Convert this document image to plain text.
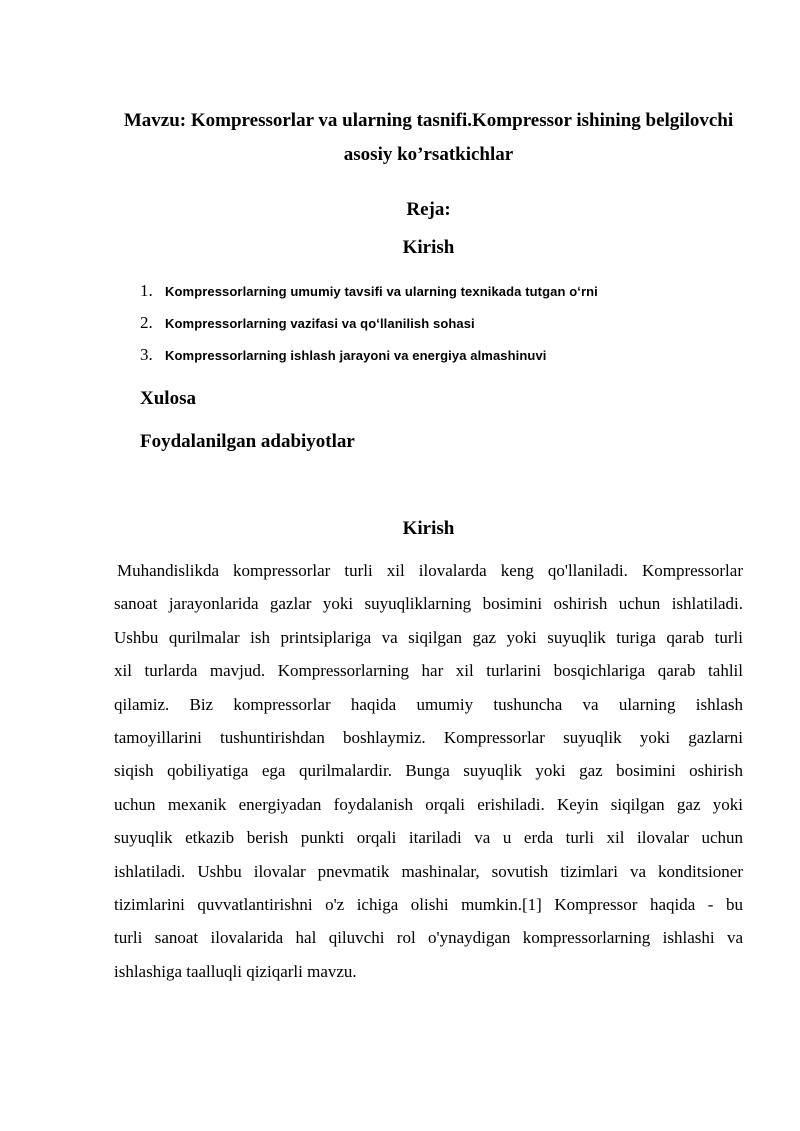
Mavzu: Kompressorlar va ularning tasnifi.Kompressor ishining belgilovchi
asosiy ko’rsatkichlar
Reja:
Kirish
1. Kompressorlarning umumiy tavsifi va ularning texnikada tutgan oʻrni
2. Kompressorlarning vazifasi va qoʻllanilish sohasi
3. Kompressorlarning ishlash jarayoni va energiya almashinuvi
Xulosa
Foydalanilgan adabiyotlar
Kirish
Muhandislikda kompressorlar turli xil ilovalarda keng qo'llaniladi. Kompressorlar
sanoat jarayonlarida gazlar yoki suyuqliklarning bosimini oshirish uchun ishlatiladi.
Ushbu qurilmalar ish printsiplariga va siqilgan gaz yoki suyuqlik turiga qarab turli
xil turlarda mavjud. Kompressorlarning har xil turlarini bosqichlariga qarab tahlil
qilamiz. Biz kompressorlar haqida umumiy tushuncha va ularning ishlash
tamoyillarini tushuntirishdan boshlaymiz. Kompressorlar suyuqlik yoki gazlarni
siqish qobiliyatiga ega qurilmalardir. Bunga suyuqlik yoki gaz bosimini oshirish
uchun mexanik energiyadan foydalanish orqali erishiladi. Keyin siqilgan gaz yoki
suyuqlik etkazib berish punkti orqali itariladi va u erda turli xil ilovalar uchun
ishlatiladi. Ushbu ilovalar pnevmatik mashinalar, sovutish tizimlari va konditsioner
tizimlarini quvvatlantirishni o'z ichiga olishi mumkin.[1] Kompressor haqida - bu
turli sanoat ilovalarida hal qiluvchi rol o'ynaydigan kompressorlarning ishlashi va
ishlashiga taalluqli qiziqarli mavzu.
